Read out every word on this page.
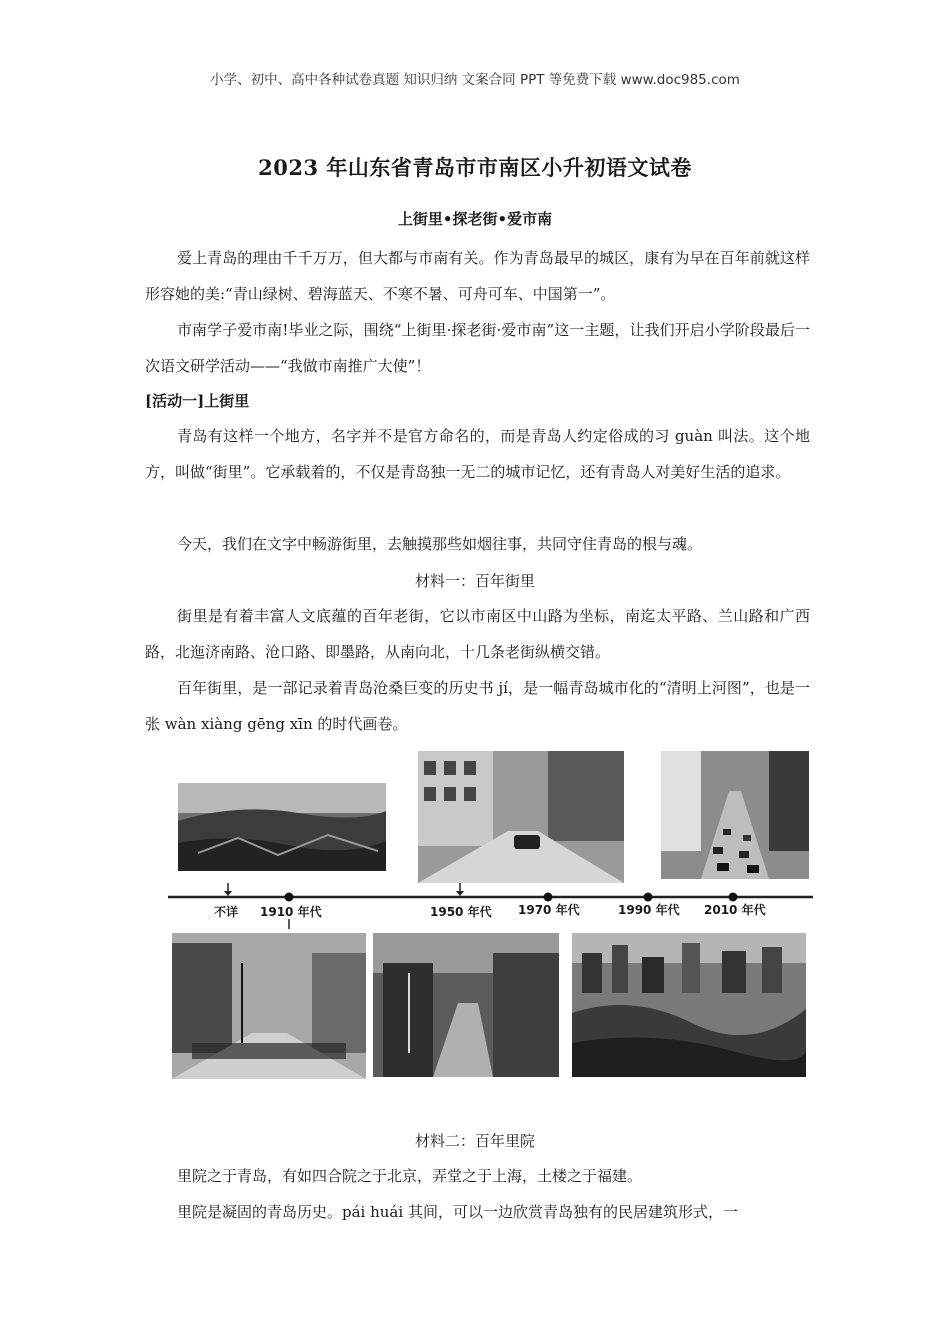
小学、初中、高中各种试卷真题 知识归纳 文案合同 PPT 等免费下载 www.doc985.com
2023 年山东省青岛市市南区小升初语文试卷
上街里•探老街•爱市南

爱上青岛的理由千千万万，但大都与市南有关。作为青岛最早的城区，康有为早在百年前就这样形容她的美:“青山绿树、碧海蓝天、不寒不暑、可舟可车、中国第一”。

市南学子爱市南!毕业之际，围绕“上街里·探老街·爱市南”这一主题，让我们开启小学阶段最后一次语文研学活动——“我做市南推广大使”！

[活动一]上街里

青岛有这样一个地方，名字并不是官方命名的，而是青岛人约定俗成的习 guàn 叫法。这个地方，叫做“街里”。它承载着的，不仅是青岛独一无二的城市记忆，还有青岛人对美好生活的追求。

今天，我们在文字中畅游街里，去触摸那些如烟往事，共同守住青岛的根与魂。

材料一：百年街里

街里是有着丰富人文底蕴的百年老街，它以市南区中山路为坐标，南迄太平路、兰山路和广西路，北迤济南路、沧口路、即墨路，从南向北，十几条老街纵横交错。

百年街里，是一部记录着青岛沧桑巨变的历史书 jí，是一幅青岛城市化的“清明上河图”，也是一张 wàn xiàng gēng xīn 的时代画卷。

不详 1910 年代	1950 年代 1970 年代	1990 年代 2010 年代
材料二：百年里院

里院之于青岛，有如四合院之于北京，弄堂之于上海，土楼之于福建。

里院是凝固的青岛历史。pái huái 其间，可以一边欣赏青岛独有的民居建筑形式，一
